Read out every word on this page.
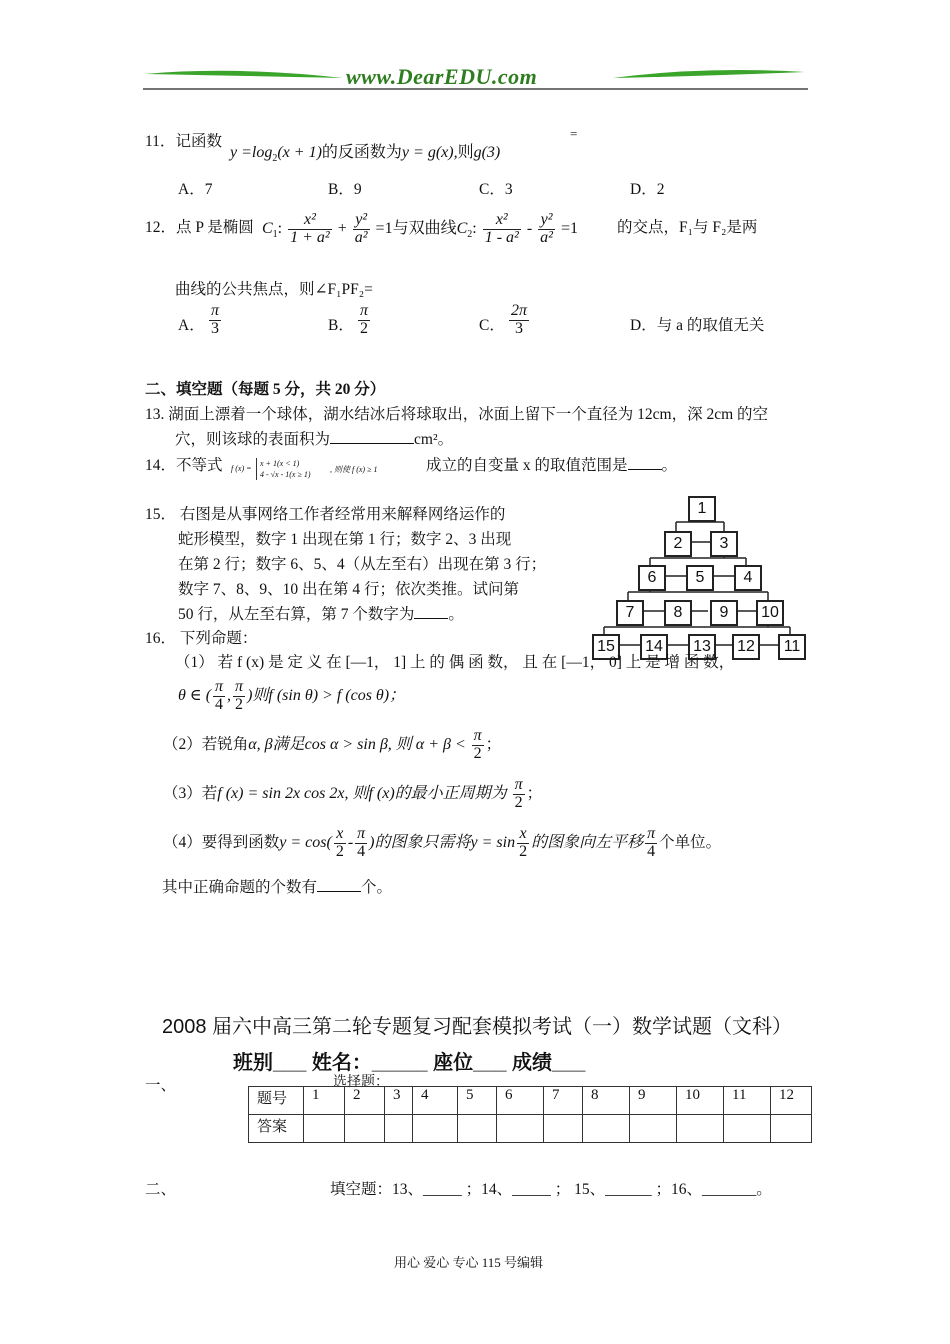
www.DearEDU.com
11．记函数
$y =\log_2(x + 1)$的反函数为y = g(x),则g(3)
=
A．7	B．9	C．3	D．2
12．点 P 是椭圆 $C_1$: $\frac{\text{x²}}{\text{1 + a²}} + \frac{\text{y²}}{\text{a²}} =1$与双曲线$C_2$: $\frac{\text{x²}}{\text{1 - a²}} - \frac{\text{y²}}{\text{a²}} =1$	的交点，F₁与 F₂是两
曲线的公共焦点，则∠F₁PF₂=
A． $\frac{\pi}{3}$	B． $\frac{\pi}{2}$	C． $\frac{2\pi}{3}$	D．与 a 的取值无关
二、填空题（每题 5 分，共 20 分）
13. 湖面上漂着一个球体，湖水结冰后将球取出，冰面上留下一个直径为 12cm，深 2cm 的空
穴，则该球的表面积为	cm²。
14．不等式 f (x) =
x + 1(x < 1)
4 - √x - 1(x ≥ 1)
, 则使 f (x) ≥ 1	成立的自变量 x 的取值范围是 。
15． 右图是从事网络工作者经常用来解释网络运作的
蛇形模型，数字 1 出现在第 1 行；数字 2、3 出现
在第 2 行；数字 6、5、4（从左至右）出现在第 3 行；
数字 7、8、9、10 出在第 4 行；依次类推。试问第
50 行，从左至右算，第 7 个数字为 。
1
2	3
6	5	4
7	8	9	10
15	14	13	12	11
16． 下列命题：
（1） 若 f (x) 是 定 义 在 [—1， 1] 上 的 偶 函 数， 且 在 [—1， 0] 上 是 增 函 数，
θ ∈ ( $\frac{\pi}{4}$ , $\frac{\pi}{2}$ )则f (sin θ) > f (cos θ)；
（2）若锐角α, β满足cos α > sin β, 则 $\alpha + \beta < \frac{\pi}{2}$ ；
（3）若f (x) = sin 2x cos 2x, 则f (x)的最小正周期为 $\frac{\pi}{2}$ ；
（4）要得到函数$y = \cos( \frac{x}{2} - \frac{\pi}{4}$ )的图象只需将$y = \sin \frac{x}{2}$ 的图象向左平移 $\frac{\pi}{4}$ 个单位。
其中正确命题的个数有	个。
2008 届六中高三第二轮专题复习配套模拟考试（一）数学试题（文科）
班别___ 姓名：_____ 座位___ 成绩___
一、	选择题：
题号	1	2	3	4	5	6	7	8	9	10	11	12
答案												
二、	填空题：13、_____ ；14、_____ ； 15、______ ；16、_______。
用心 爱心 专心 115 号编辑
